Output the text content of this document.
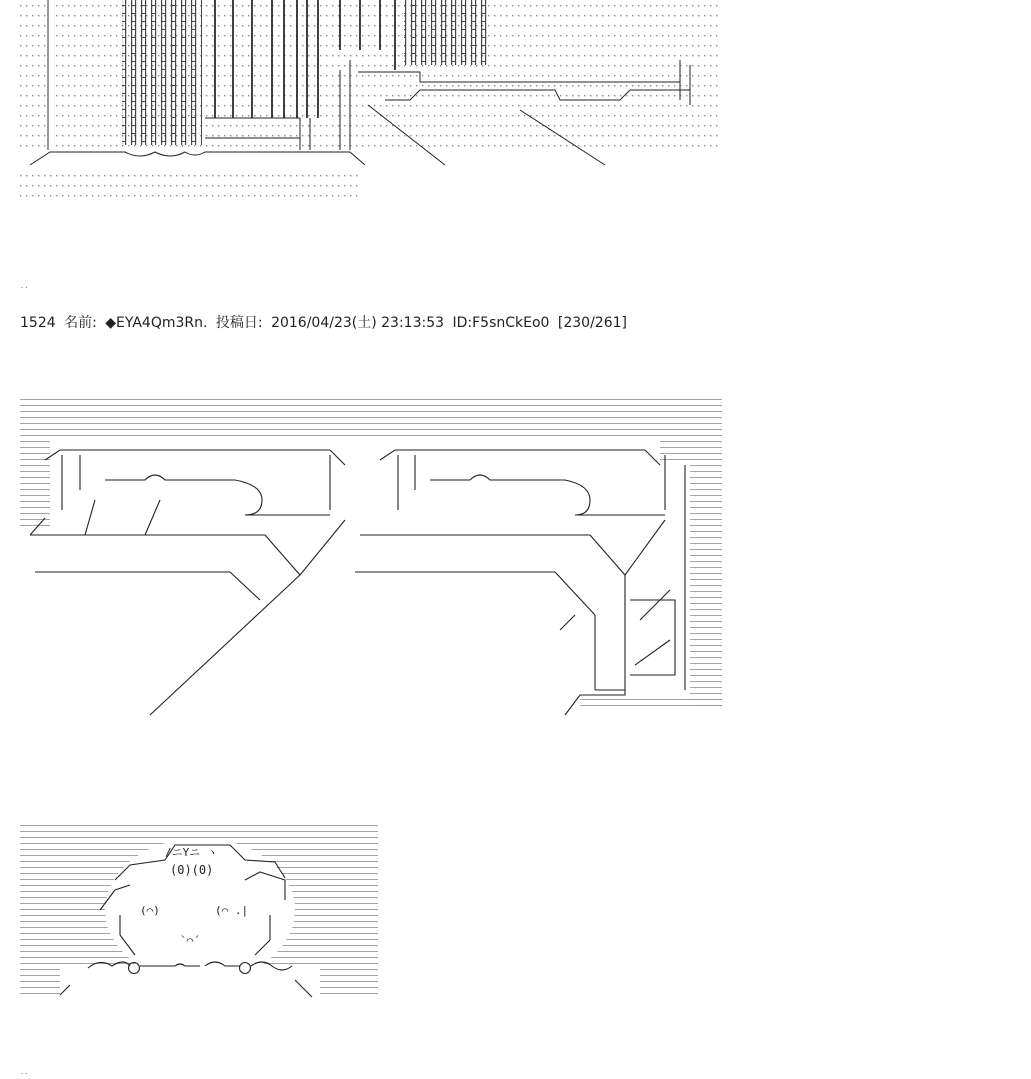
/ニYニ ヽ
(0)(0)
(⌒)	(⌒ .|
`⌒´
..
1524 名前: ◆EYA4Qm3Rn. 投稿日: 2016/04/23(土) 23:13:53 ID:F5snCkEo0 [230/261]
..
